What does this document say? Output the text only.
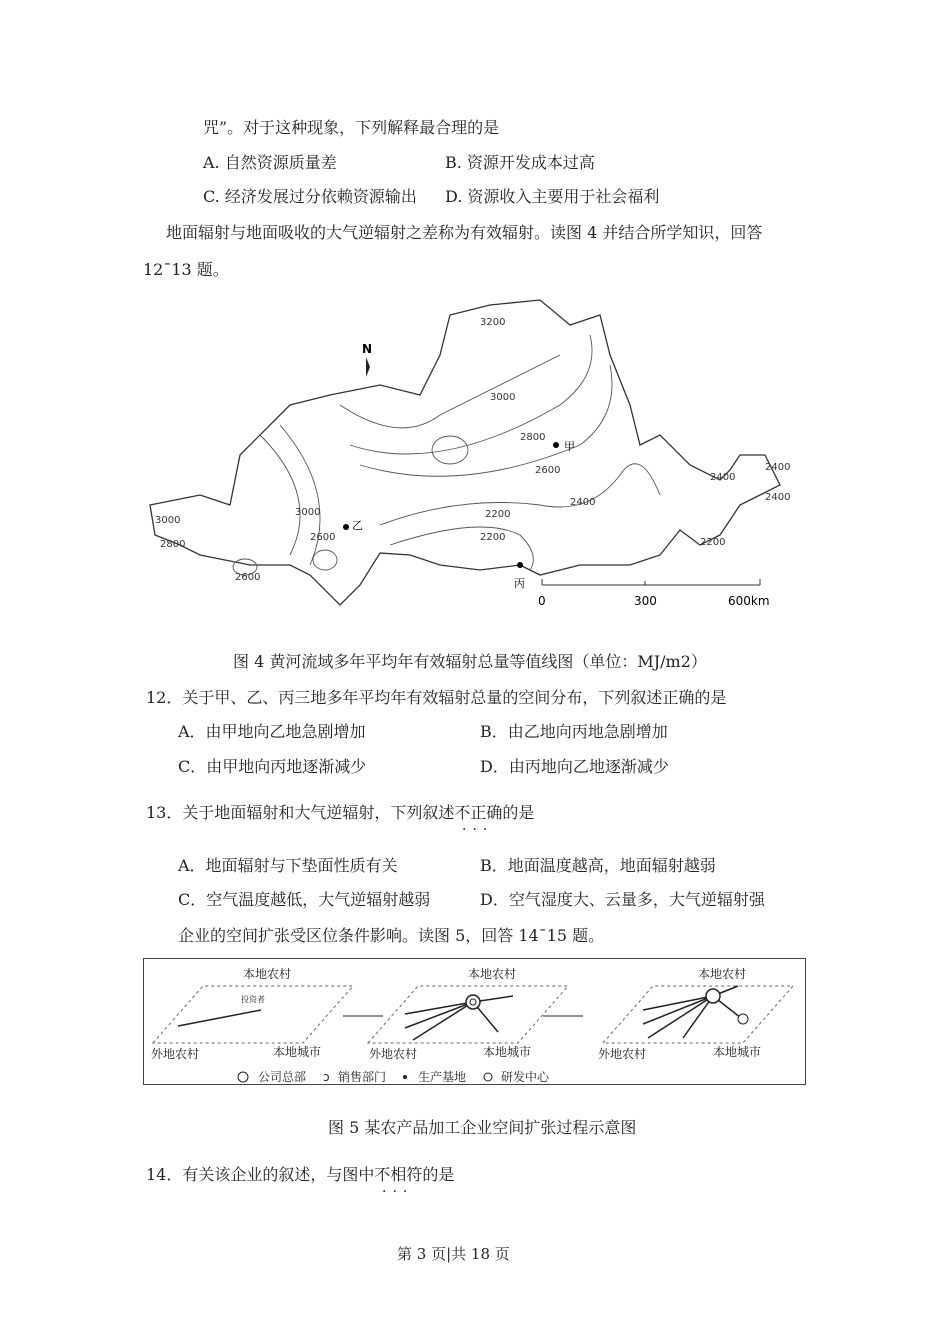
咒”。对于这种现象，下列解释最合理的是
A. 自然资源质量差	B. 资源开发成本过高
C. 经济发展过分依赖资源输出 D. 资源收入主要用于社会福利
地面辐射与地面吸收的大气逆辐射之差称为有效辐射。读图 4 并结合所学知识，回答
12¯13 题。
3200
3000
2800
2600
2400
2200
2200
2400
2400
2200
3000
2800
3000
2600
2600
2400
N
甲
乙
丙
0	300	600km
图 4 黄河流域多年平均年有效辐射总量等值线图（单位：MJ/m2）
12．关于甲、乙、丙三地多年平均年有效辐射总量的空间分布，下列叙述正确的是
A．由甲地向乙地急剧增加	B．由乙地向丙地急剧增加
C．由甲地向丙地逐渐减少	D．由丙地向乙地逐渐减少
13．关于地面辐射和大气逆辐射，下列叙述不正确的是
···
A．地面辐射与下垫面性质有关	B．地面温度越高，地面辐射越弱
C．空气温度越低，大气逆辐射越弱	D．空气湿度大、云量多，大气逆辐射强
企业的空间扩张受区位条件影响。读图 5，回答 14¯15 题。
本地农村	本地农村	本地农村
投资者
外地农村	外地农村	外地农村
本地城市	本地城市	本地城市
公司总部 ɔ 销售部门	生产基地	研发中心
图 5 某农产品加工企业空间扩张过程示意图
14．有关该企业的叙述，与图中不相符的是
···
第 3 页|共 18 页
